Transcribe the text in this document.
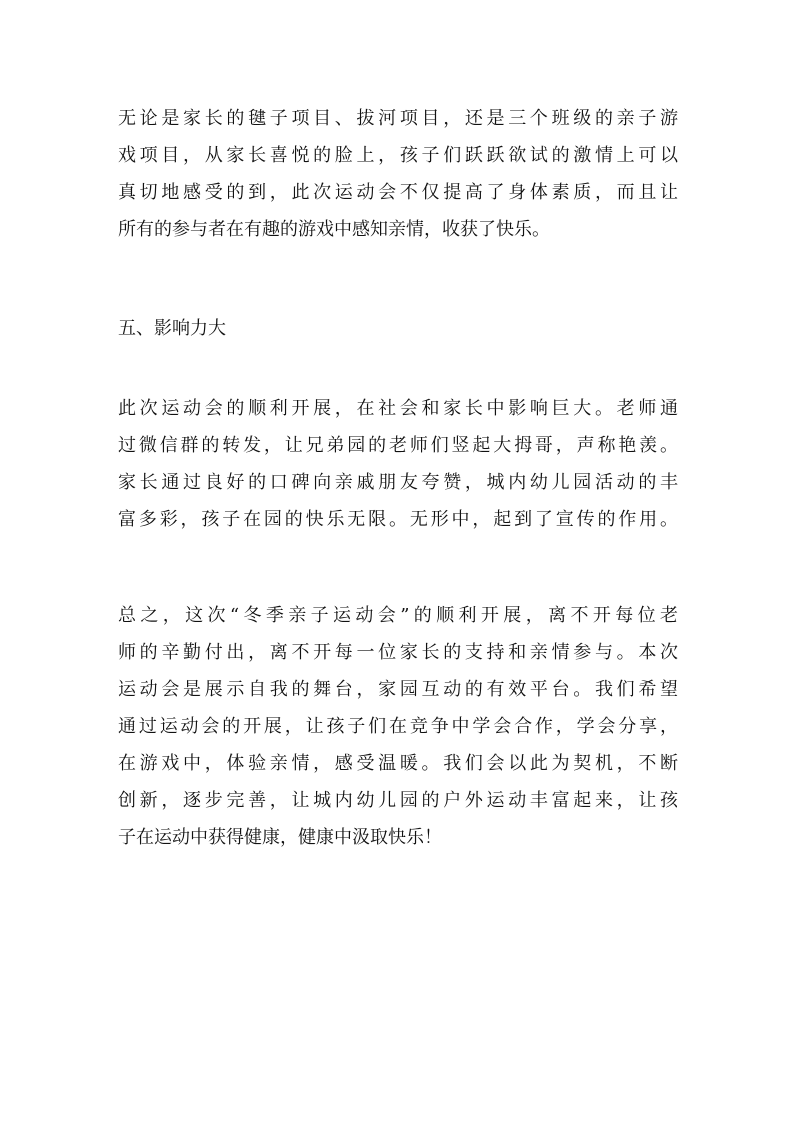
无论是家长的毽子项目、拔河项目，还是三个班级的亲子游
戏项目，从家长喜悦的脸上，孩子们跃跃欲试的激情上可以
真切地感受的到，此次运动会不仅提高了身体素质，而且让
所有的参与者在有趣的游戏中感知亲情，收获了快乐。
五、影响力大
此次运动会的顺利开展，在社会和家长中影响巨大。老师通
过微信群的转发，让兄弟园的老师们竖起大拇哥，声称艳羡。
家长通过良好的口碑向亲戚朋友夸赞，城内幼儿园活动的丰
富多彩，孩子在园的快乐无限。无形中，起到了宣传的作用。
总之，这次“冬季亲子运动会”的顺利开展，离不开每位老
师的辛勤付出，离不开每一位家长的支持和亲情参与。本次
运动会是展示自我的舞台，家园互动的有效平台。我们希望
通过运动会的开展，让孩子们在竞争中学会合作，学会分享，
在游戏中，体验亲情，感受温暖。我们会以此为契机，不断
创新，逐步完善，让城内幼儿园的户外运动丰富起来，让孩
子在运动中获得健康，健康中汲取快乐！
